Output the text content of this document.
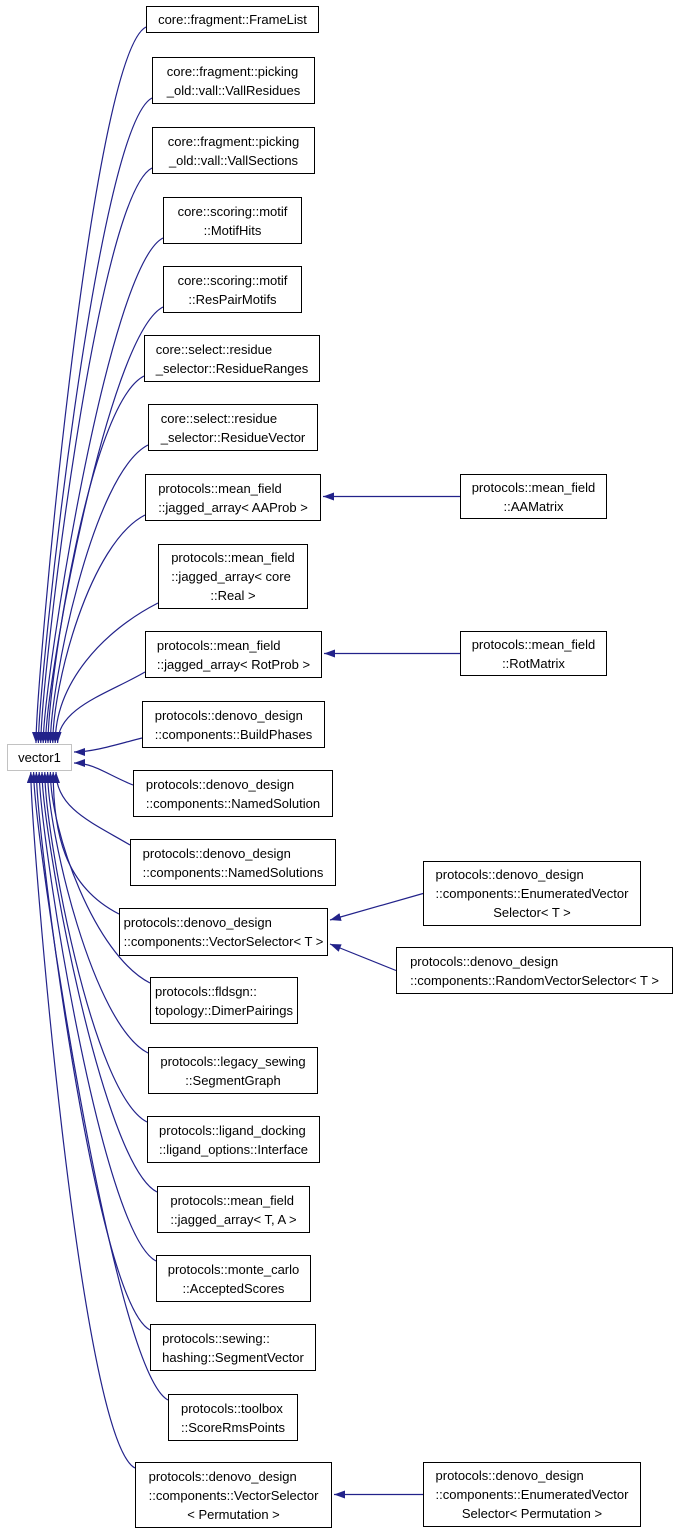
vector1
core::fragment::FrameList
core::fragment::picking
_old::vall::VallResidues
core::fragment::picking
_old::vall::VallSections
core::scoring::motif
::MotifHits
core::scoring::motif
::ResPairMotifs
core::select::residue
_selector::ResidueRanges
core::select::residue
_selector::ResidueVector
protocols::mean_field
::jagged_array< AAProb >
protocols::mean_field
::jagged_array< core
::Real >
protocols::mean_field
::jagged_array< RotProb >
protocols::denovo_design
::components::BuildPhases
protocols::denovo_design
::components::NamedSolution
protocols::denovo_design
::components::NamedSolutions
protocols::denovo_design
::components::VectorSelector< T >
protocols::fldsgn::
topology::DimerPairings
protocols::legacy_sewing
::SegmentGraph
protocols::ligand_docking
::ligand_options::Interface
protocols::mean_field
::jagged_array< T, A >
protocols::monte_carlo
::AcceptedScores
protocols::sewing::
hashing::SegmentVector
protocols::toolbox
::ScoreRmsPoints
protocols::denovo_design
::components::VectorSelector
< Permutation >
protocols::mean_field
::AAMatrix
protocols::mean_field
::RotMatrix
protocols::denovo_design
::components::EnumeratedVector
Selector< T >
protocols::denovo_design
::components::RandomVectorSelector< T >
protocols::denovo_design
::components::EnumeratedVector
Selector< Permutation >
